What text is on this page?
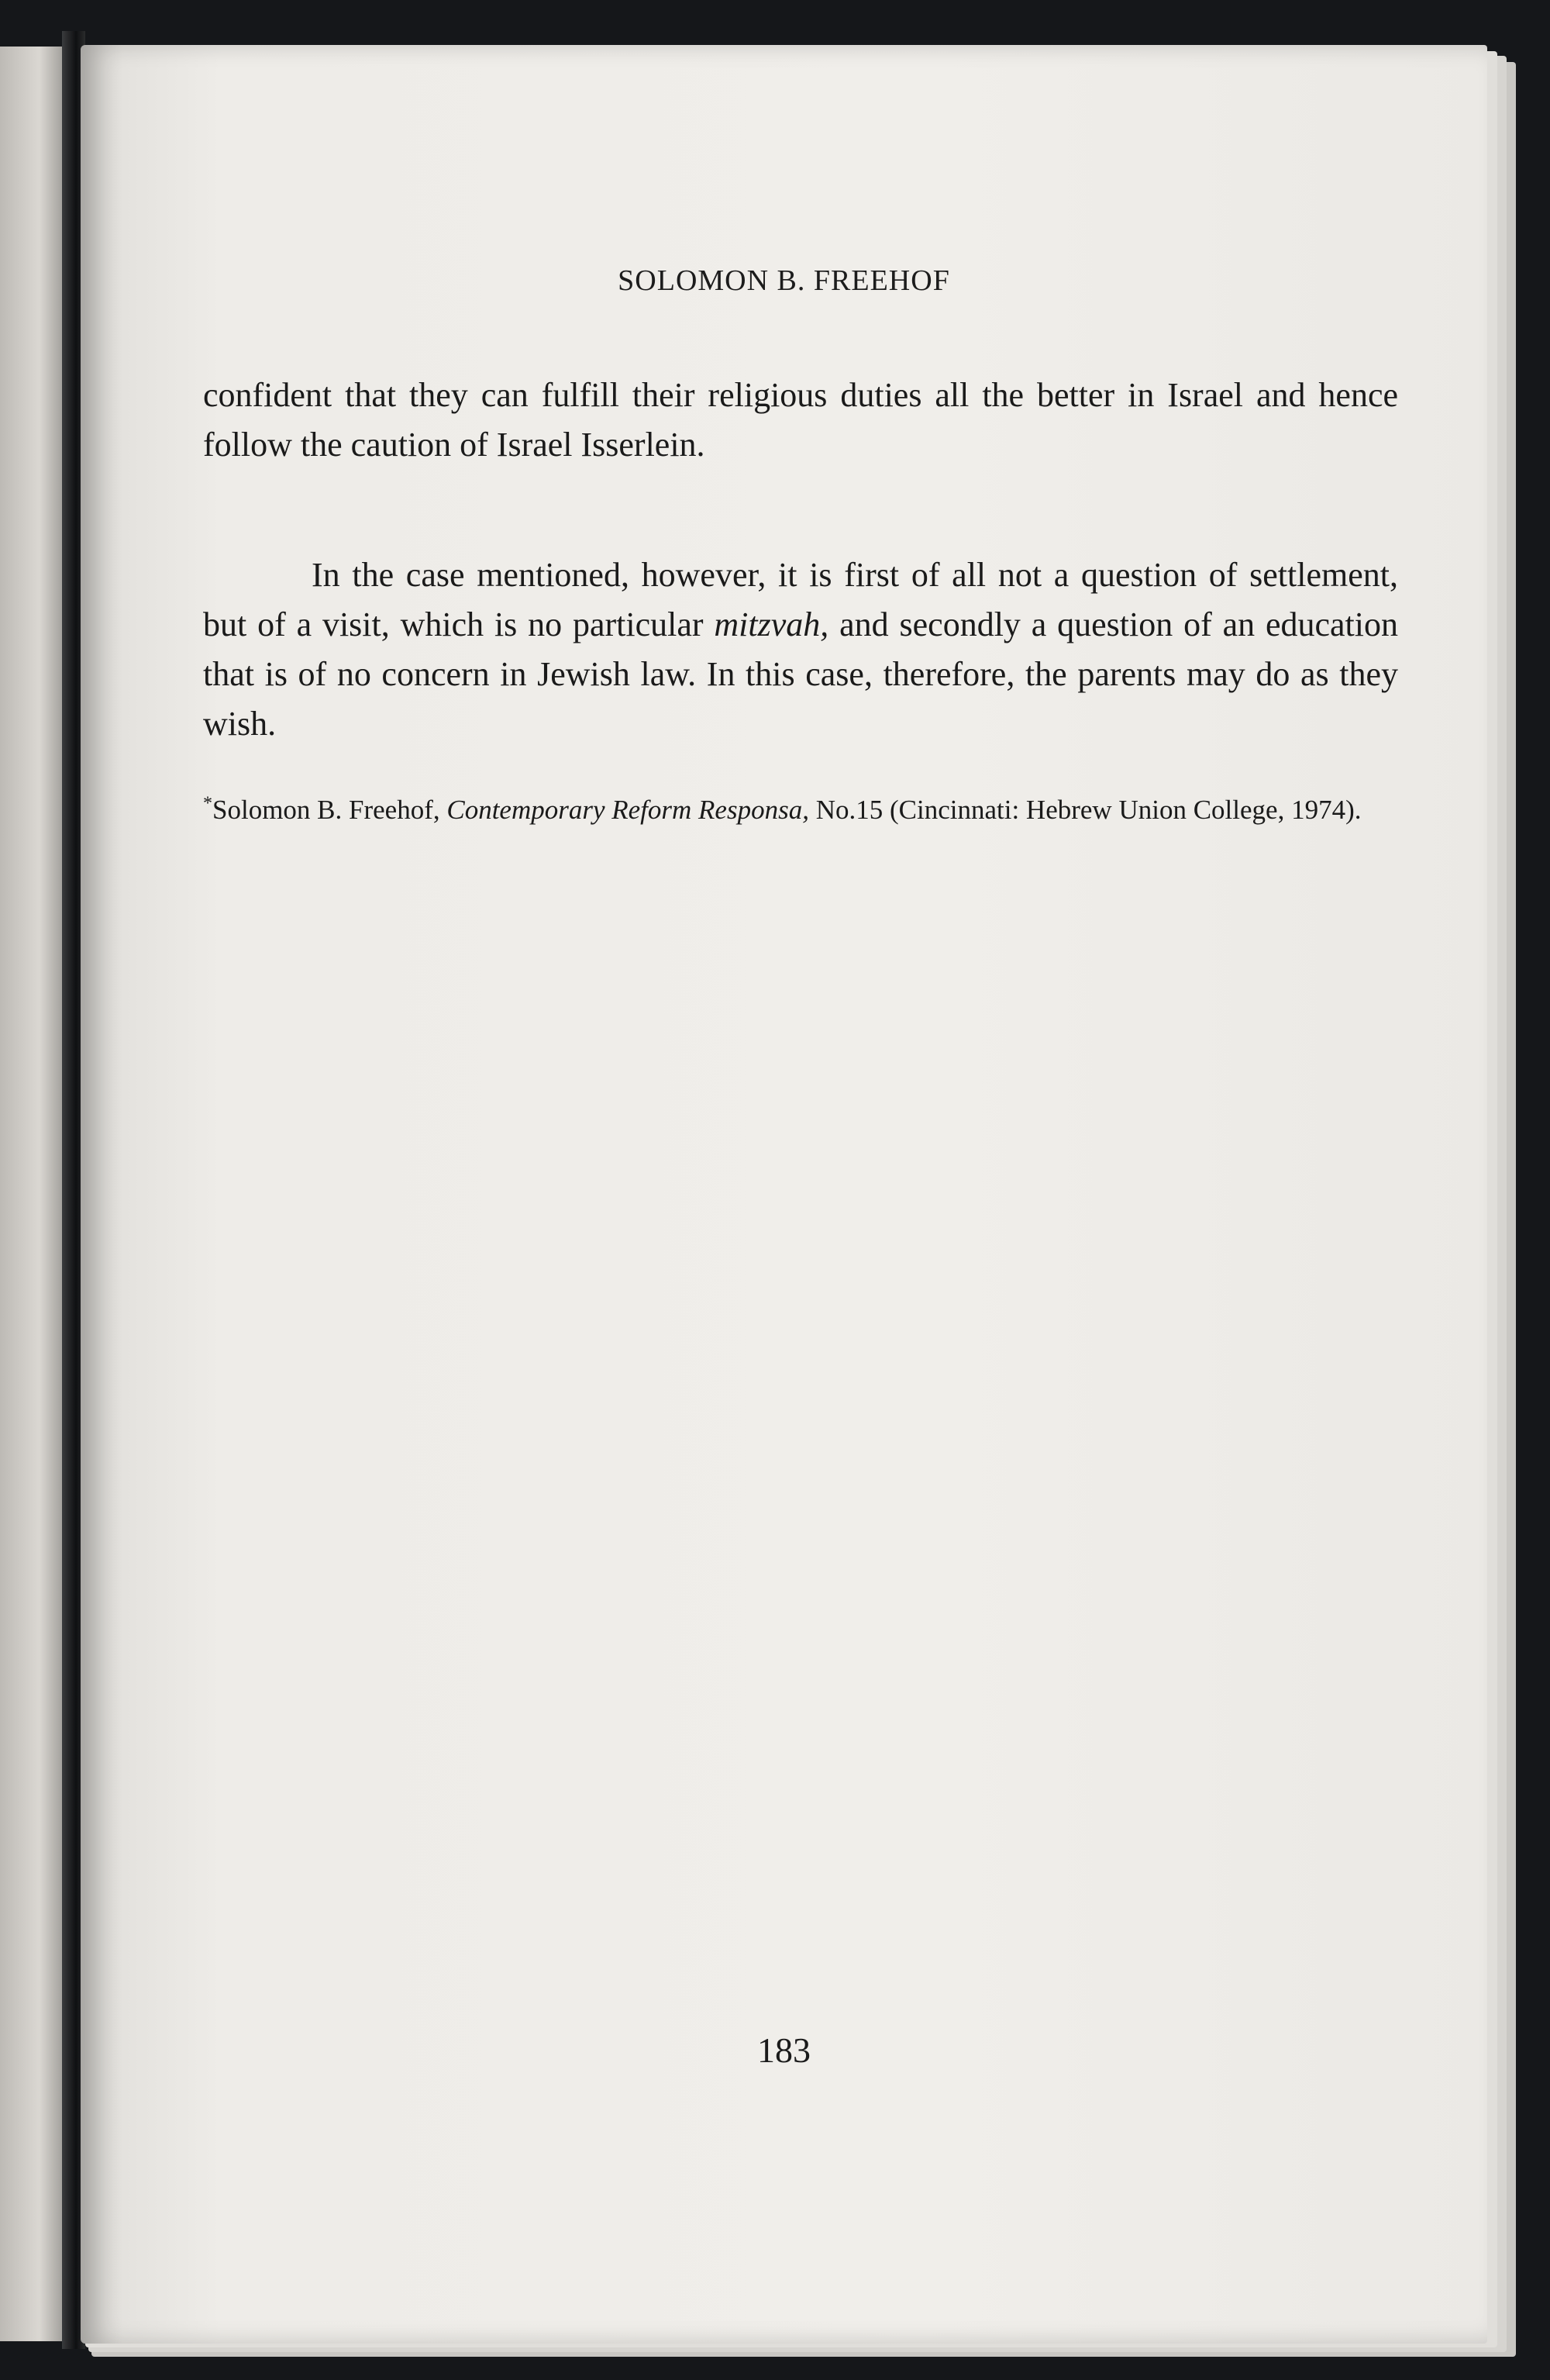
SOLOMON B. FREEHOF

confident that they can fulfill their religious duties all the better in Israel and hence follow the caution of Israel Isserlein.

In the case mentioned, however, it is first of all not a question of settlement, but of a visit, which is no particular mitzvah, and secondly a question of an education that is of no concern in Jewish law. In this case, therefore, the parents may do as they wish.

*Solomon B. Freehof, Contemporary Reform Responsa, No.15 (Cincinnati: Hebrew Union College, 1974).

183
